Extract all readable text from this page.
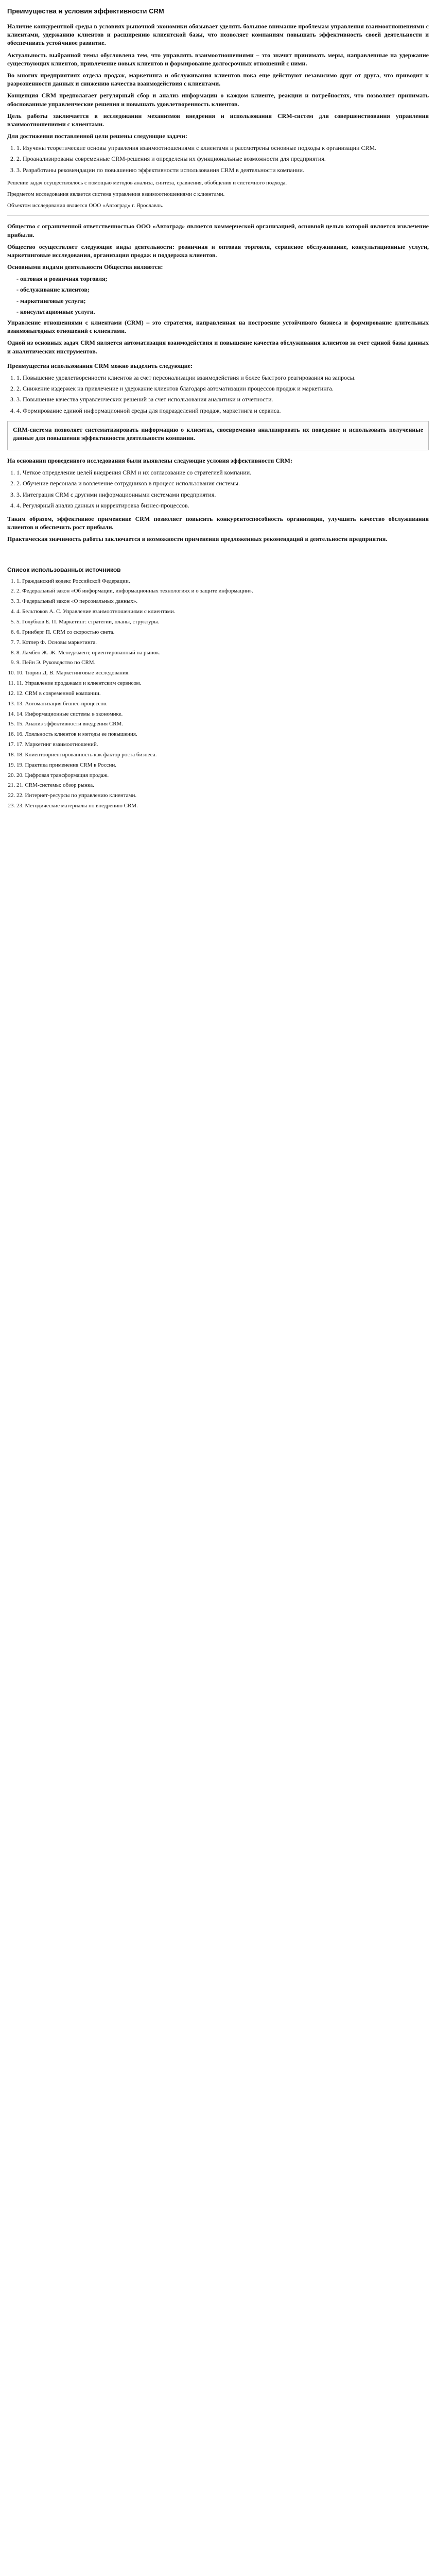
Преимущества и условия эффективности CRM
Наличие конкурентной среды в условиях рыночной экономики обязывает уделять большое внимание проблемам управления взаимоотношениями с клиентами, удержанию клиентов и расширению клиентской базы, что позволяет компаниям повышать эффективность своей деятельности и обеспечивать устойчивое развитие.
Актуальность выбранной темы обусловлена тем, что управлять взаимоотношениями – это значит принимать меры, направленные на удержание существующих клиентов, привлечение новых клиентов и формирование долгосрочных отношений с ними.
Во многих предприятиях отдела продаж, маркетинга и обслуживания клиентов пока еще действуют независимо друг от друга, что приводит к разрозненности данных и снижению качества взаимодействия с клиентами.
Концепция CRM предполагает регулярный сбор и анализ информации о каждом клиенте, реакции и потребностях, что позволяет принимать обоснованные управленческие решения и повышать удовлетворенность клиентов.
Цель работы заключается в исследовании механизмов внедрения и использования CRM-систем для совершенствования управления взаимоотношениями с клиентами.
Для достижения поставленной цели решены следующие задачи:
1. 1. Изучены теоретические основы управления взаимоотношениями с клиентами и рассмотрены основные подходы к организации CRM.
2. 2. Проанализированы современные CRM-решения и определены их функциональные возможности для предприятия.
3. 3. Разработаны рекомендации по повышению эффективности использования CRM в деятельности компании.
Решение задач осуществлялось с помощью методов анализа, синтеза, сравнения, обобщения и системного подхода.
Предметом исследования является система управления взаимоотношениями с клиентами.
Объектом исследования является ООО «Автоград» г. Ярославль.
Общество с ограниченной ответственностью ООО «Автоград» является коммерческой организацией, основной целью которой является извлечение прибыли.
Общество осуществляет следующие виды деятельности: розничная и оптовая торговля, сервисное обслуживание, консультационные услуги, маркетинговые исследования, организация продаж и поддержка клиентов.
Основными видами деятельности Общества являются:
- оптовая и розничная торговля;
- обслуживание клиентов;
- маркетинговые услуги;
- консультационные услуги.
Управление отношениями с клиентами (CRM) – это стратегия, направленная на построение устойчивого бизнеса и формирование длительных взаимовыгодных отношений с клиентами.
Одной из основных задач CRM является автоматизация взаимодействия и повышение качества обслуживания клиентов за счет единой базы данных и аналитических инструментов.
Преимущества использования CRM можно выделить следующие:
1. 1. Повышение удовлетворенности клиентов за счет персонализации взаимодействия и более быстрого реагирования на запросы.
2. 2. Снижение издержек на привлечение и удержание клиентов благодаря автоматизации процессов продаж и маркетинга.
3. 3. Повышение качества управленческих решений за счет использования аналитики и отчетности.
4. 4. Формирование единой информационной среды для подразделений продаж, маркетинга и сервиса.
CRM-система позволяет систематизировать информацию о клиентах, своевременно анализировать их поведение и использовать полученные данные для повышения эффективности деятельности компании.
На основании проведенного исследования были выявлены следующие условия эффективности CRM:
1. 1. Четкое определение целей внедрения CRM и их согласование со стратегией компании.
2. 2. Обучение персонала и вовлечение сотрудников в процесс использования системы.
3. 3. Интеграция CRM с другими информационными системами предприятия.
4. 4. Регулярный анализ данных и корректировка бизнес-процессов.
Таким образом, эффективное применение CRM позволяет повысить конкурентоспособность организации, улучшить качество обслуживания клиентов и обеспечить рост прибыли.
Практическая значимость работы заключается в возможности применения предложенных рекомендаций в деятельности предприятия.
Список использованных источников
1. 1. Гражданский кодекс Российской Федерации.
2. 2. Федеральный закон «Об информации, информационных технологиях и о защите информации».
3. 3. Федеральный закон «О персональных данных».
4. 4. Бельтюков А. С. Управление взаимоотношениями с клиентами.
5. 5. Голубков Е. П. Маркетинг: стратегии, планы, структуры.
6. 6. Гринберг П. CRM со скоростью света.
7. 7. Котлер Ф. Основы маркетинга.
8. 8. Ламбен Ж.-Ж. Менеджмент, ориентированный на рынок.
9. 9. Пейн Э. Руководство по CRM.
10. 10. Тюрин Д. В. Маркетинговые исследования.
11. 11. Управление продажами и клиентским сервисом.
12. 12. CRM в современной компании.
13. 13. Автоматизация бизнес-процессов.
14. 14. Информационные системы в экономике.
15. 15. Анализ эффективности внедрения CRM.
16. 16. Лояльность клиентов и методы ее повышения.
17. 17. Маркетинг взаимоотношений.
18. 18. Клиентоориентированность как фактор роста бизнеса.
19. 19. Практика применения CRM в России.
20. 20. Цифровая трансформация продаж.
21. 21. CRM-системы: обзор рынка.
22. 22. Интернет-ресурсы по управлению клиентами.
23. 23. Методические материалы по внедрению CRM.
